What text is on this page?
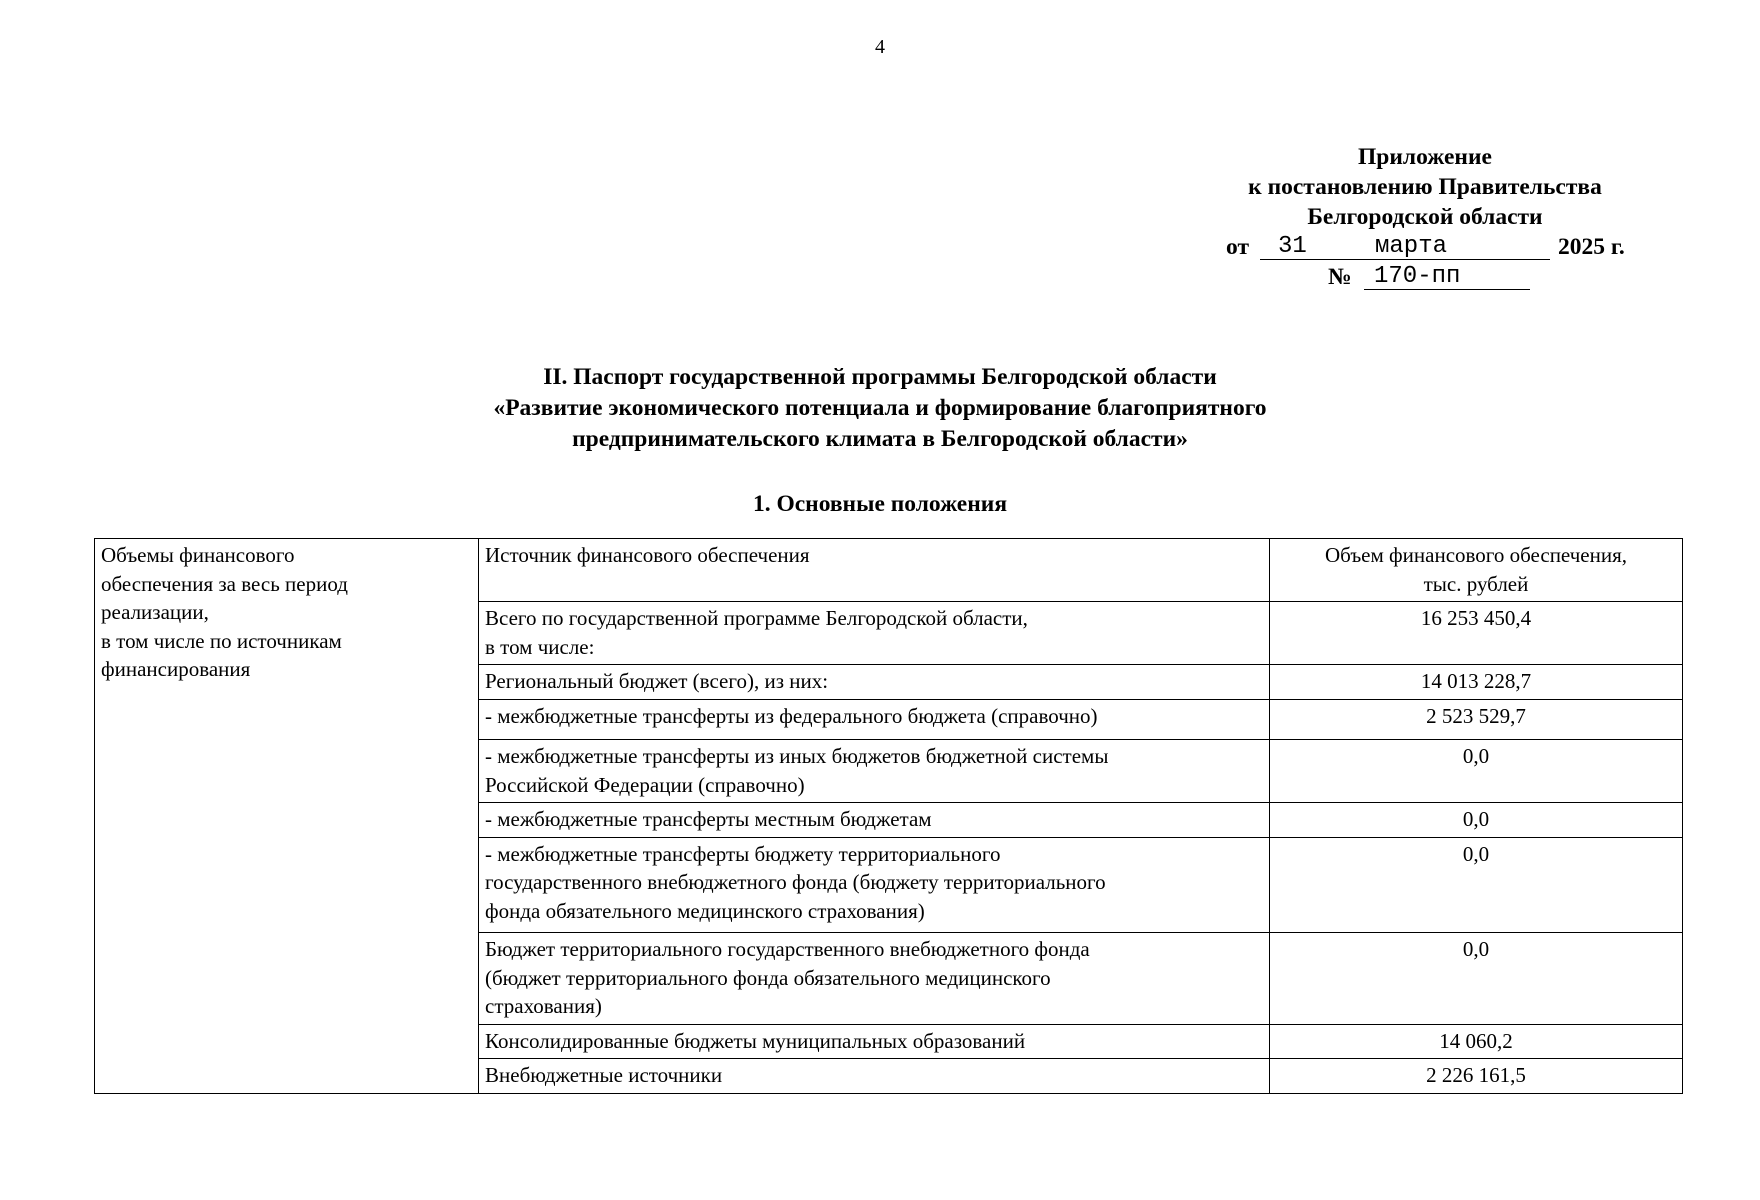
4
Приложение
к постановлению Правительства
Белгородской области
от 31	марта	2025 г.
№ 170-пп
II. Паспорт государственной программы Белгородской области
«Развитие экономического потенциала и формирование благоприятного
предпринимательского климата в Белгородской области»
1. Основные положения
Объемы финансового
обеспечения за весь период
реализации,
в том числе по источникам
финансирования	Источник финансового обеспечения	Объем финансового обеспечения,
тыс. рублей
	Всего по государственной программе Белгородской области,
в том числе:	16 253 450,4
	Региональный бюджет (всего), из них:	14 013 228,7
	- межбюджетные трансферты из федерального бюджета (справочно)	2 523 529,7
	- межбюджетные трансферты из иных бюджетов бюджетной системы
Российской Федерации (справочно)	0,0
	- межбюджетные трансферты местным бюджетам	0,0
	- межбюджетные трансферты бюджету территориального
государственного внебюджетного фонда (бюджету территориального
фонда обязательного медицинского страхования)	0,0
	Бюджет территориального государственного внебюджетного фонда
(бюджет территориального фонда обязательного медицинского
страхования)	0,0
	Консолидированные бюджеты муниципальных образований	14 060,2
	Внебюджетные источники	2 226 161,5
